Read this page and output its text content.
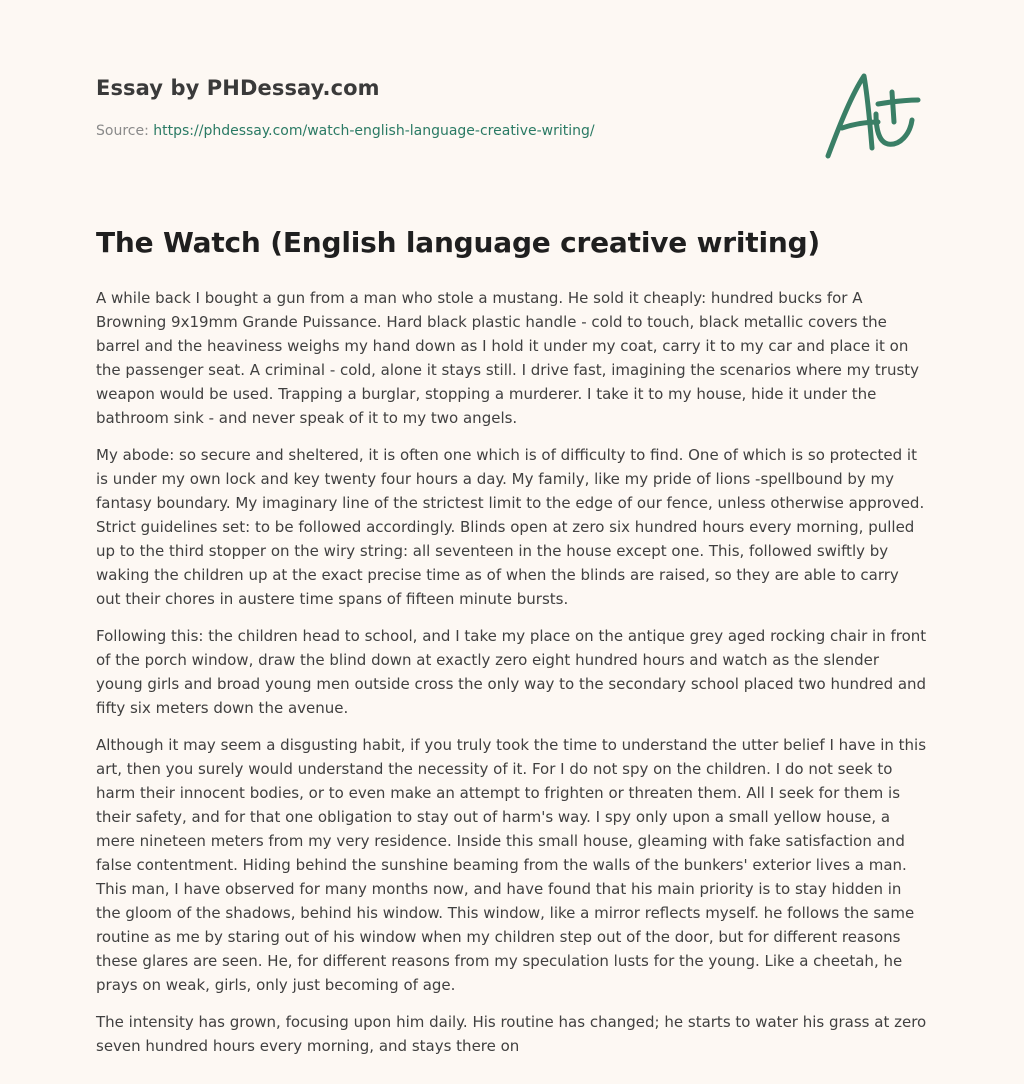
Essay by PHDessay.com
Source: https://phdessay.com/watch-english-language-creative-writing/
The Watch (English language creative writing)

A while back I bought a gun from a man who stole a mustang. He sold it cheaply: hundred bucks for A Browning 9x19mm Grande Puissance. Hard black plastic handle - cold to touch, black metallic covers the barrel and the heaviness weighs my hand down as I hold it under my coat, carry it to my car and place it on the passenger seat. A criminal - cold, alone it stays still. I drive fast, imagining the scenarios where my trusty weapon would be used. Trapping a burglar, stopping a murderer. I take it to my house, hide it under the bathroom sink - and never speak of it to my two angels.

My abode: so secure and sheltered, it is often one which is of difficulty to find. One of which is so protected it is under my own lock and key twenty four hours a day. My family, like my pride of lions -spellbound by my fantasy boundary. My imaginary line of the strictest limit to the edge of our fence, unless otherwise approved. Strict guidelines set: to be followed accordingly. Blinds open at zero six hundred hours every morning, pulled up to the third stopper on the wiry string: all seventeen in the house except one. This, followed swiftly by waking the children up at the exact precise time as of when the blinds are raised, so they are able to carry out their chores in austere time spans of fifteen minute bursts.

Following this: the children head to school, and I take my place on the antique grey aged rocking chair in front of the porch window, draw the blind down at exactly zero eight hundred hours and watch as the slender young girls and broad young men outside cross the only way to the secondary school placed two hundred and fifty six meters down the avenue.

Although it may seem a disgusting habit, if you truly took the time to understand the utter belief I have in this art, then you surely would understand the necessity of it. For I do not spy on the children. I do not seek to harm their innocent bodies, or to even make an attempt to frighten or threaten them. All I seek for them is their safety, and for that one obligation to stay out of harm's way. I spy only upon a small yellow house, a mere nineteen meters from my very residence. Inside this small house, gleaming with fake satisfaction and false contentment. Hiding behind the sunshine beaming from the walls of the bunkers' exterior lives a man. This man, I have observed for many months now, and have found that his main priority is to stay hidden in the gloom of the shadows, behind his window. This window, like a mirror reflects myself. he follows the same routine as me by staring out of his window when my children step out of the door, but for different reasons these glares are seen. He, for different reasons from my speculation lusts for the young. Like a cheetah, he prays on weak, girls, only just becoming of age.

The intensity has grown, focusing upon him daily. His routine has changed; he starts to water his grass at zero seven hundred hours every morning, and stays there on
